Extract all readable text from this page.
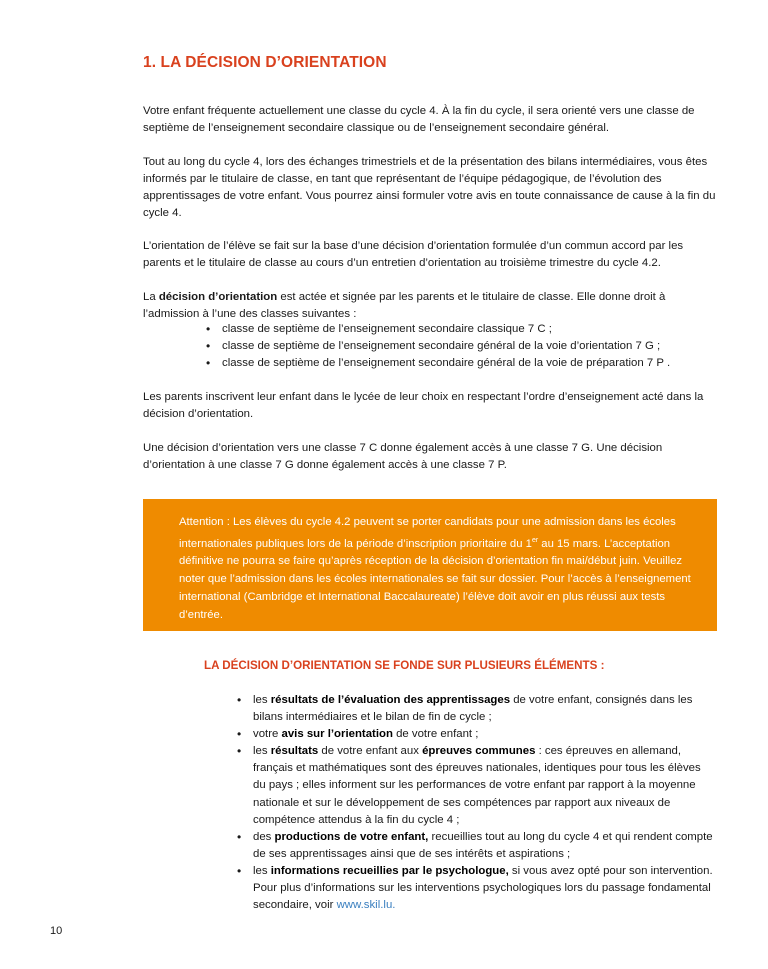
1. LA DÉCISION D’ORIENTATION

Votre enfant fréquente actuellement une classe du cycle 4. À la fin du cycle, il sera orienté vers une classe de septième de l’enseignement secondaire classique ou de l’enseignement secondaire général.

Tout au long du cycle 4, lors des échanges trimestriels et de la présentation des bilans intermédiaires, vous êtes informés par le titulaire de classe, en tant que représentant de l’équipe pédagogique, de l’évolution des apprentissages de votre enfant. Vous pourrez ainsi formuler votre avis en toute connaissance de cause à la fin du cycle 4.

L’orientation de l’élève se fait sur la base d’une décision d’orientation formulée d’un commun accord par les parents et le titulaire de classe au cours d’un entretien d’orientation au troisième trimestre du cycle 4.2.

La décision d’orientation est actée et signée par les parents et le titulaire de classe. Elle donne droit à l’admission à l’une des classes suivantes :

• classe de septième de l’enseignement secondaire classique 7 C ;
• classe de septième de l’enseignement secondaire général de la voie d’orientation 7 G ;
• classe de septième de l’enseignement secondaire général de la voie de préparation 7 P .

Les parents inscrivent leur enfant dans le lycée de leur choix en respectant l’ordre d’enseignement acté dans la décision d’orientation.

Une décision d’orientation vers une classe 7 C donne également accès à une classe 7 G. Une décision d’orientation à une classe 7 G donne également accès à une classe 7 P.

Attention : Les élèves du cycle 4.2 peuvent se porter candidats pour une admission dans les écoles internationales publiques lors de la période d’inscription prioritaire du 1er au 15 mars. L’acceptation définitive ne pourra se faire qu’après réception de la décision d’orientation fin mai/début juin. Veuillez noter que l’admission dans les écoles internationales se fait sur dossier. Pour l’accès à l’enseignement international (Cambridge et International Baccalaureate) l’élève doit avoir en plus réussi aux tests d’entrée.

LA DÉCISION D’ORIENTATION SE FONDE SUR PLUSIEURS ÉLÉMENTS :
• les résultats de l’évaluation des apprentissages de votre enfant, consignés dans les bilans intermédiaires et le bilan de fin de cycle ;
• votre avis sur l’orientation de votre enfant ;
• les résultats de votre enfant aux épreuves communes : ces épreuves en allemand, français et mathématiques sont des épreuves nationales, identiques pour tous les élèves du pays ; elles informent sur les performances de votre enfant par rapport à la moyenne nationale et sur le développement de ses compétences par rapport aux niveaux de compétence attendus à la fin du cycle 4 ;
• des productions de votre enfant, recueillies tout au long du cycle 4 et qui rendent compte de ses apprentissages ainsi que de ses intérêts et aspirations ;
• les informations recueillies par le psychologue, si vous avez opté pour son intervention. Pour plus d’informations sur les interventions psychologiques lors du passage fondamental secondaire, voir www.skil.lu.
10
